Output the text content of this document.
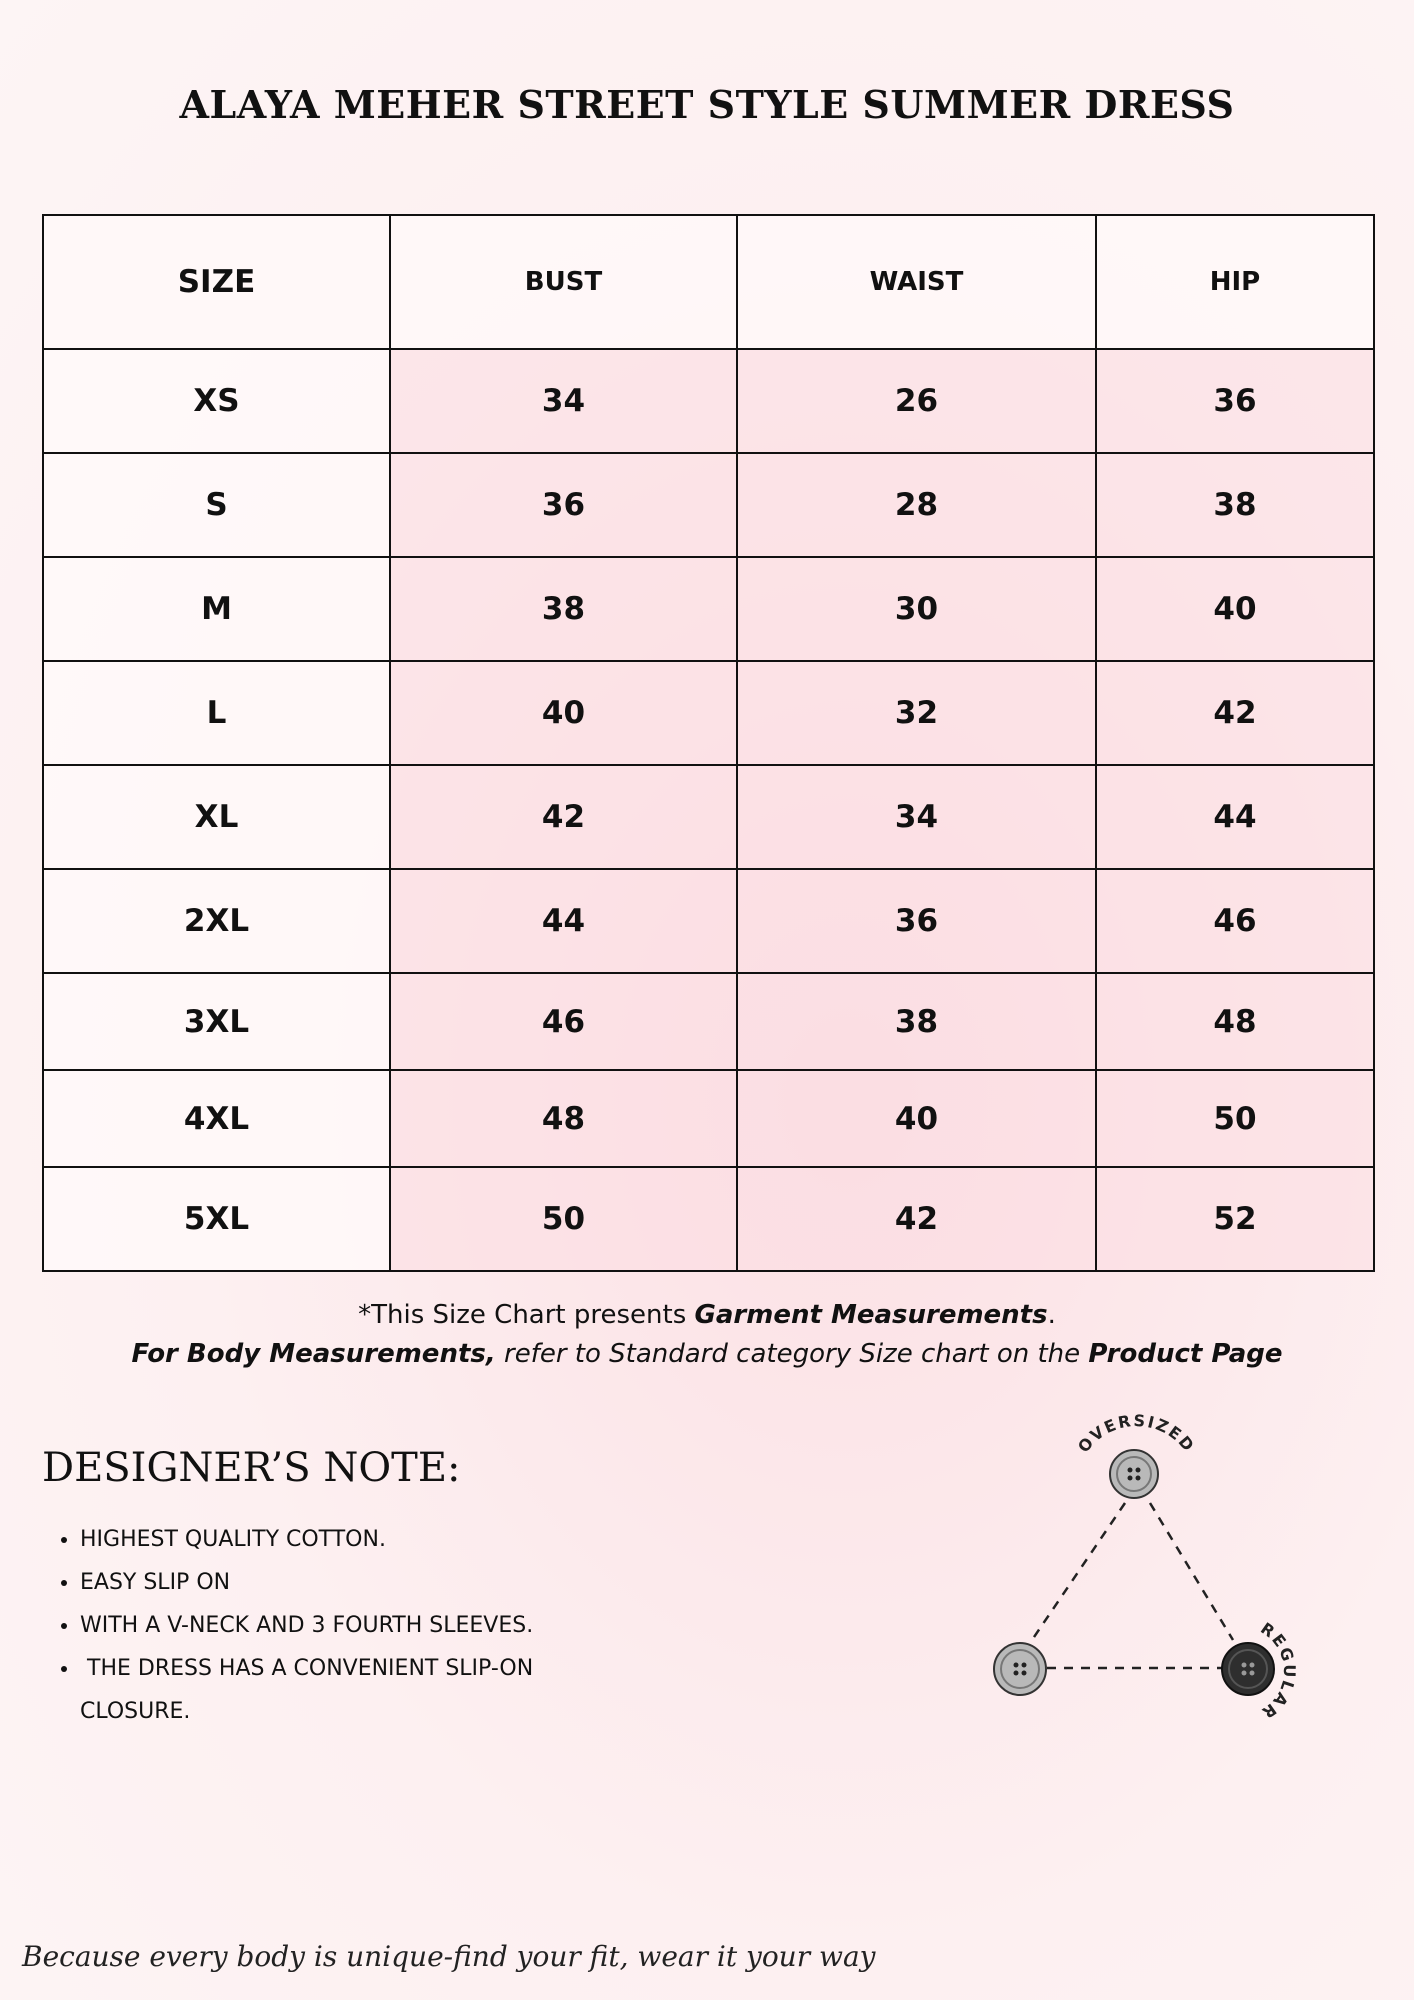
ALAYA MEHER STREET STYLE SUMMER DRESS
SIZE	BUST	WAIST	HIP
XS	34	26	36
S	36	28	38
M	38	30	40
L	40	32	42
XL	42	34	44
2XL	44	36	46
3XL	46	38	48
4XL	48	40	50
5XL	50	42	52
*This Size Chart presents Garment Measurements.
For Body Measurements, refer to Standard category Size chart on the Product Page
DESIGNER’S NOTE:
• HIGHEST QUALITY COTTON.
• EASY SLIP ON
• WITH A V-NECK AND 3 FOURTH SLEEVES.
•  THE DRESS HAS A CONVENIENT SLIP-ON CLOSURE.
OVERSIZED
REGULAR
Because every body is unique-find your fit, wear it your way
